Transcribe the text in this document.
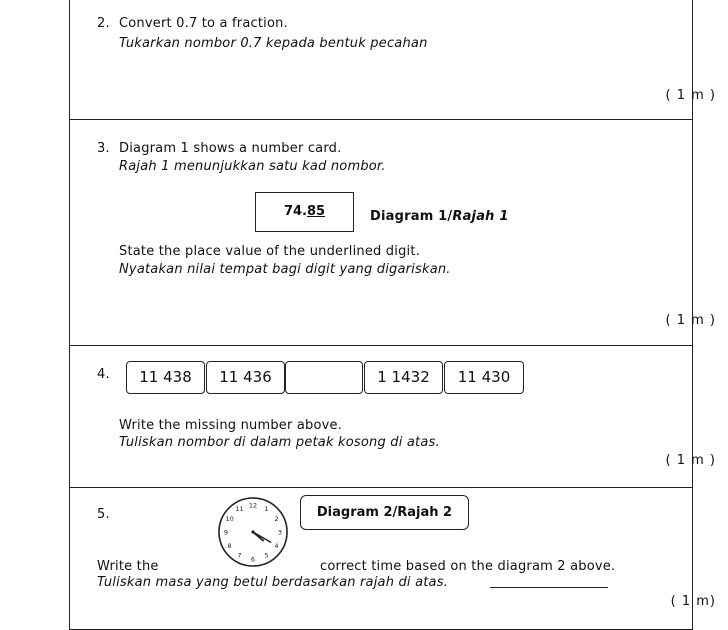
2. Convert 0.7 to a fraction.
Tukarkan nombor 0.7 kepada bentuk pecahan
( 1 m )
3. Diagram 1 shows a number card.
Rajah 1 menunjukkan satu kad nombor.
74.85	Diagram 1/Rajah 1
State the place value of the underlined digit.
Nyatakan nilai tempat bagi digit yang digariskan.
( 1 m )
4.	11 438	11 436	1 1432	11 430
Write the missing number above.
Tuliskan nombor di dalam petak kosong di atas.
( 1 m )
5.
12 1
2
3
4
5
6
7
8
9
10
11	Diagram 2/Rajah 2
Write the	correct time based on the diagram 2 above.
Tuliskan masa yang betul berdasarkan rajah di atas.
( 1 m)
